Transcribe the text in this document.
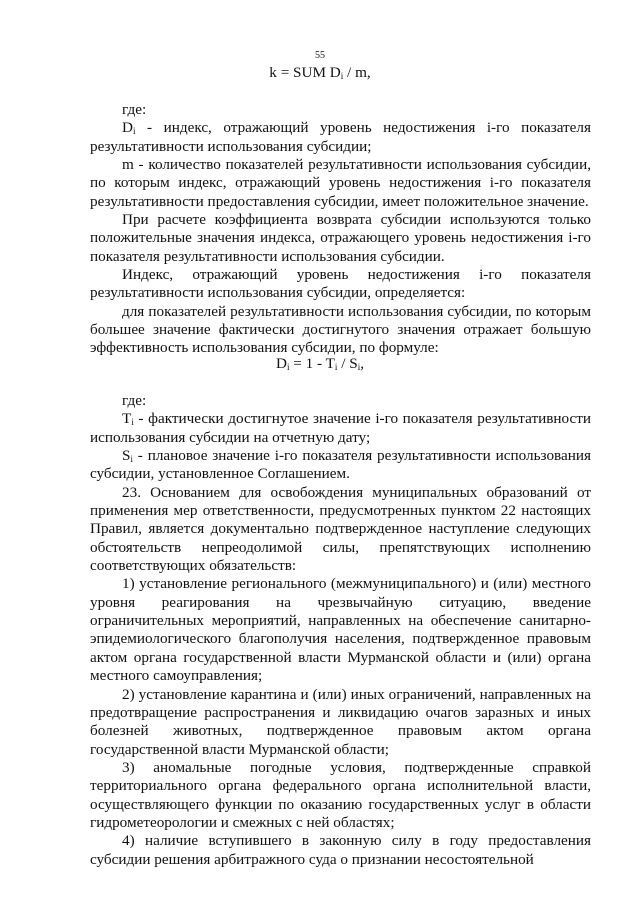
55
k = SUM $D_i$ / m,

где:

$D_i$ - индекс, отражающий уровень недостижения i-го показателя результативности использования субсидии;

m - количество показателей результативности использования субсидии, по которым индекс, отражающий уровень недостижения i-го показателя результативности предоставления субсидии, имеет положительное значение.

При расчете коэффициента возврата субсидии используются только положительные значения индекса, отражающего уровень недостижения i-го показателя результативности использования субсидии.

Индекс, отражающий уровень недостижения i-го показателя результативности использования субсидии, определяется:

для показателей результативности использования субсидии, по которым большее значение фактически достигнутого значения отражает большую эффективность использования субсидии, по формуле:

$D_i = 1 - T_i / S_i$,

где:

$T_i$ - фактически достигнутое значение i-го показателя результативности использования субсидии на отчетную дату;

$S_i$ - плановое значение i-го показателя результативности использования субсидии, установленное Соглашением.

23. Основанием для освобождения муниципальных образований от применения мер ответственности, предусмотренных пунктом 22 настоящих Правил, является документально подтвержденное наступление следующих обстоятельств непреодолимой силы, препятствующих исполнению соответствующих обязательств:

1) установление регионального (межмуниципального) и (или) местного уровня реагирования на чрезвычайную ситуацию, введение ограничительных мероприятий, направленных на обеспечение санитарно-эпидемиологического благополучия населения, подтвержденное правовым актом органа государственной власти Мурманской области и (или) органа местного самоуправления;

2) установление карантина и (или) иных ограничений, направленных на предотвращение распространения и ликвидацию очагов заразных и иных болезней животных, подтвержденное правовым актом органа государственной власти Мурманской области;

3) аномальные погодные условия, подтвержденные справкой территориального органа федерального органа исполнительной власти, осуществляющего функции по оказанию государственных услуг в области гидрометеорологии и смежных с ней областях;

4) наличие вступившего в законную силу в году предоставления субсидии решения арбитражного суда о признании несостоятельной
